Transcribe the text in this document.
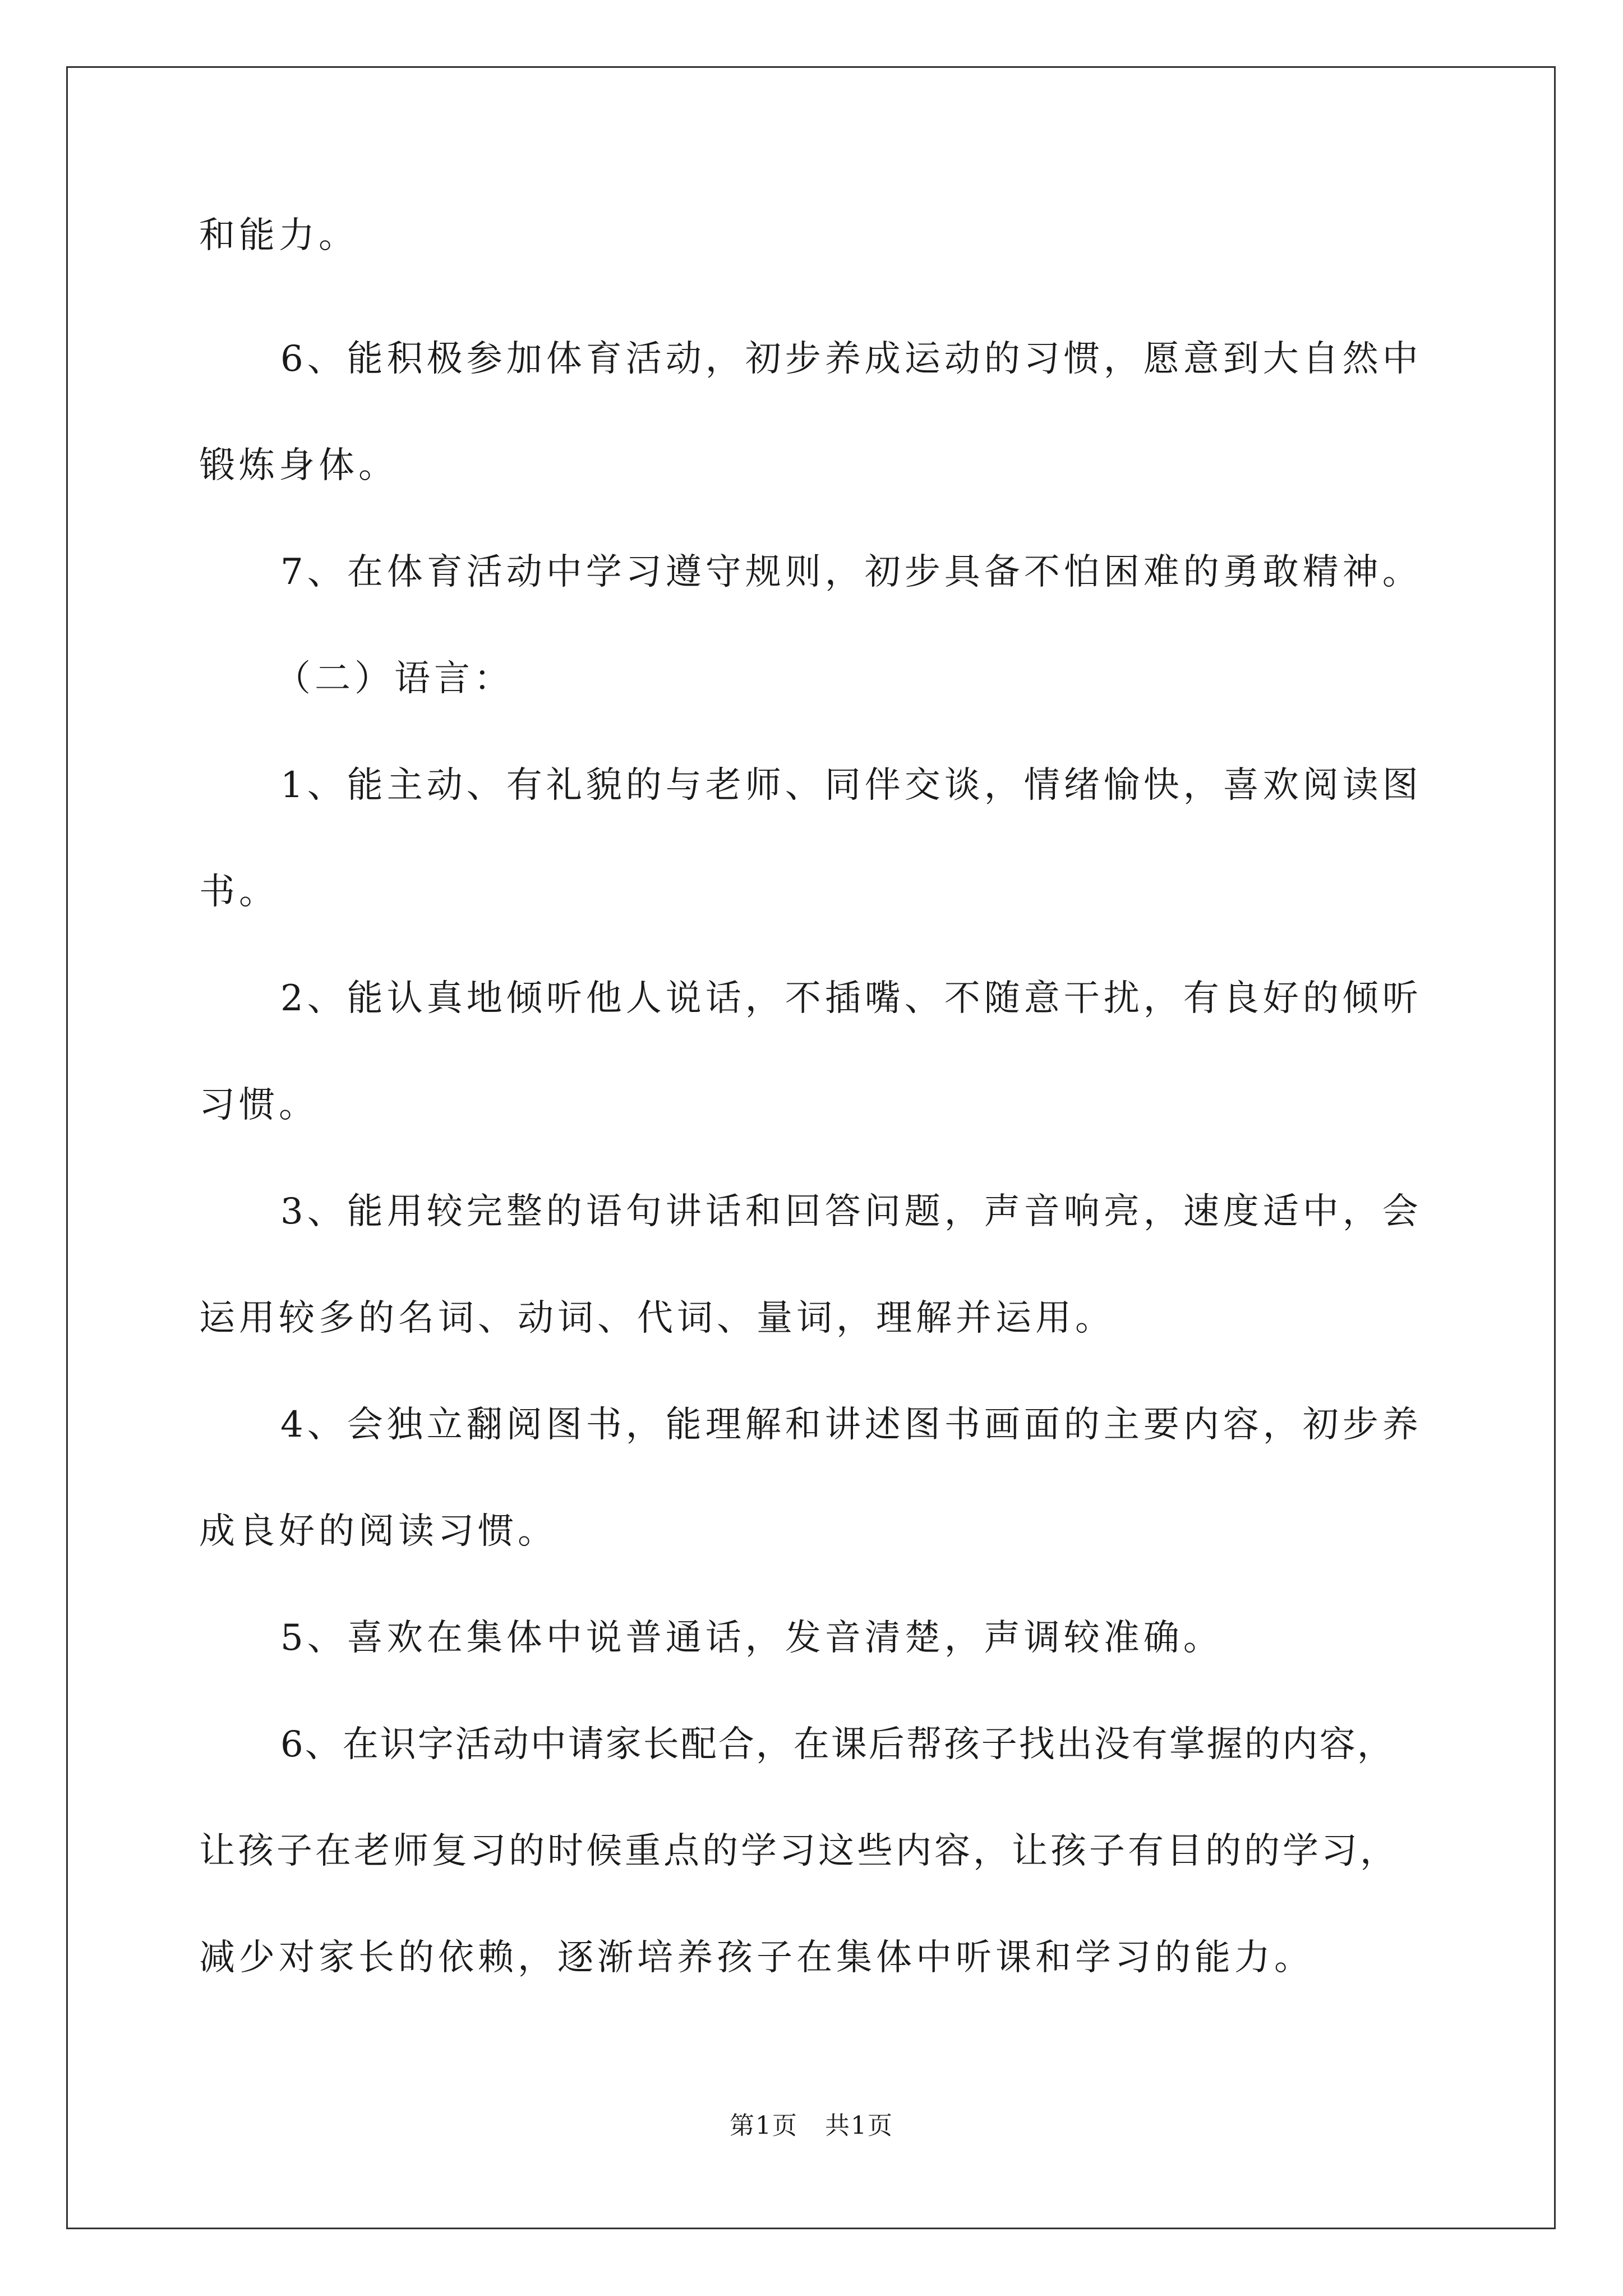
和能力。
6、能积极参加体育活动，初步养成运动的习惯，愿意到大自然中
锻炼身体。
7、在体育活动中学习遵守规则，初步具备不怕困难的勇敢精神。
（二）语言：
1、能主动、有礼貌的与老师、同伴交谈，情绪愉快，喜欢阅读图
书。
2、能认真地倾听他人说话，不插嘴、不随意干扰，有良好的倾听
习惯。
3、能用较完整的语句讲话和回答问题，声音响亮，速度适中，会
运用较多的名词、动词、代词、量词，理解并运用。
4、会独立翻阅图书，能理解和讲述图书画面的主要内容，初步养
成良好的阅读习惯。
5、喜欢在集体中说普通话，发音清楚，声调较准确。
6、在识字活动中请家长配合，在课后帮孩子找出没有掌握的内容，
让孩子在老师复习的时候重点的学习这些内容，让孩子有目的的学习，
减少对家长的依赖，逐渐培养孩子在集体中听课和学习的能力。
第1页 共1页
